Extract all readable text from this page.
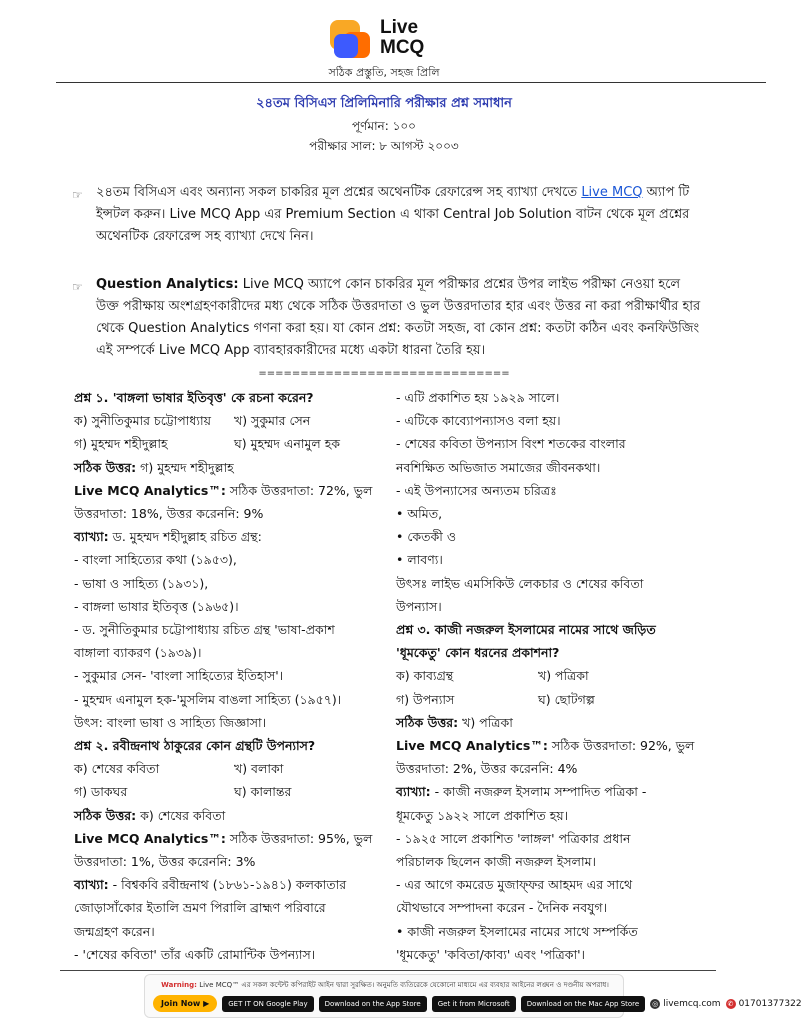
Live
MCQ
সঠিক প্রস্তুতি, সহজ প্রিলি
২৪তম বিসিএস প্রিলিমিনারি পরীক্ষার প্রশ্ন সমাধান
পূর্ণমান: ১০০
পরীক্ষার সাল: ৮ আগস্ট ২০০৩
☞	২৪তম বিসিএস এবং অন্যান্য সকল চাকরির মূল প্রশ্নের অথেনটিক রেফারেন্স সহ ব্যাখ্যা দেখতে Live MCQ অ্যাপ টি ইন্সটল করুন। Live MCQ App এর Premium Section এ থাকা Central Job Solution বাটন থেকে মূল প্রশ্নের অথেনটিক রেফারেন্স সহ ব্যাখ্যা দেখে নিন।
☞	Question Analytics: Live MCQ অ্যাপে কোন চাকরির মূল পরীক্ষার প্রশ্নের উপর লাইভ পরীক্ষা নেওয়া হলে উক্ত পরীক্ষায় অংশগ্রহণকারীদের মধ্য থেকে সঠিক উত্তরদাতা ও ভুল উত্তরদাতার হার এবং উত্তর না করা পরীক্ষার্থীর হার থেকে Question Analytics গণনা করা হয়। যা কোন প্রশ্ন: কতটা সহজ, বা কোন প্রশ্ন: কতটা কঠিন এবং কনফিউজিং এই সম্পর্কে Live MCQ App ব্যাবহারকারীদের মধ্যে একটা ধারনা তৈরি হয়।
==============================
প্রশ্ন ১. 'বাঙ্গলা ভাষার ইতিবৃত্ত' কে রচনা করেন?
ক) সুনীতিকুমার চট্টোপাধ্যায়	খ) সুকুমার সেন
গ) মুহম্মদ শহীদুল্লাহ	ঘ) মুহম্মদ এনামুল হক
সঠিক উত্তর: গ) মুহম্মদ শহীদুল্লাহ
Live MCQ Analytics™: সঠিক উত্তরদাতা: 72%, ভুল
উত্তরদাতা: 18%, উত্তর করেননি: 9%
ব্যাখ্যা: ড. মুহম্মদ শহীদুল্লাহ রচিত গ্রন্থ:
- বাংলা সাহিত্যের কথা (১৯৫৩),
- ভাষা ও সাহিত্য (১৯৩১),
- বাঙ্গলা ভাষার ইতিবৃত্ত (১৯৬৫)।
- ড. সুনীতিকুমার চট্টোপাধ্যায় রচিত গ্রন্থ 'ভাষা-প্রকাশ
বাঙ্গালা ব্যাকরণ (১৯৩৯)।
- সুকুমার সেন- 'বাংলা সাহিত্যের ইতিহাস'।
- মুহম্মদ এনামুল হক-'মুসলিম বাঙলা সাহিত্য (১৯৫৭)।
উৎস: বাংলা ভাষা ও সাহিত্য জিজ্ঞাসা।
প্রশ্ন ২. রবীন্দ্রনাথ ঠাকুরের কোন গ্রন্থটি উপন্যাস?
ক) শেষের কবিতা	খ) বলাকা
গ) ডাকঘর	ঘ) কালান্তর
সঠিক উত্তর: ক) শেষের কবিতা
Live MCQ Analytics™: সঠিক উত্তরদাতা: 95%, ভুল
উত্তরদাতা: 1%, উত্তর করেননি: 3%
ব্যাখ্যা: - বিশ্বকবি রবীন্দ্রনাথ (১৮৬১-১৯৪১) কলকাতার
জোড়াসাঁকোর ইতালি ভ্রমণ পিরালি ব্রাহ্মণ পরিবারে
জন্মগ্রহণ করেন।
- 'শেষের কবিতা' তাঁর একটি রোমান্টিক উপন্যাস।
- এটি প্রকাশিত হয় ১৯২৯ সালে।
- এটিকে কাব্যোপন্যাসও বলা হয়।
- শেষের কবিতা উপন্যাস বিংশ শতকের বাংলার
নবশিক্ষিত অভিজাত সমাজের জীবনকথা।
- এই উপন্যাসের অন্যতম চরিত্রঃ
• অমিত,
• কেতকী ও
• লাবণ্য।
উৎসঃ লাইভ এমসিকিউ লেকচার ও শেষের কবিতা
উপন্যাস।
প্রশ্ন ৩. কাজী নজরুল ইসলামের নামের সাথে জড়িত
'ধূমকেতু' কোন ধরনের প্রকাশনা?
ক) কাব্যগ্রন্থ	খ) পত্রিকা
গ) উপন্যাস	ঘ) ছোটগল্প
সঠিক উত্তর: খ) পত্রিকা
Live MCQ Analytics™: সঠিক উত্তরদাতা: 92%, ভুল
উত্তরদাতা: 2%, উত্তর করেননি: 4%
ব্যাখ্যা: - কাজী নজরুল ইসলাম সম্পাদিত পত্রিকা -
ধূমকেতু ১৯২২ সালে প্রকাশিত হয়।
- ১৯২৫ সালে প্রকাশিত 'লাঙ্গল' পত্রিকার প্রধান
পরিচালক ছিলেন কাজী নজরুল ইসলাম।
- এর আগে কমরেড মুজাফ্ফর আহমদ এর সাথে
যৌথভাবে সম্পাদনা করেন - দৈনিক নবযুগ।
• কাজী নজরুল ইসলামের নামের সাথে সম্পর্কিত
'ধূমকেতু' 'কবিতা/কাব্য' এবং 'পত্রিকা'।
Warning: Live MCQ™ এর সকল কন্টেন্ট কপিরাইট আইন দ্বারা সুরক্ষিত। অনুমতি ব্যতিরেকে যেকোনো মাধ্যমে এর ব্যবহার আইনের লঙ্ঘন ও দণ্ডনীয় অপরাধ।
Join Now ▶	GET IT ON Google Play	Download on the App Store	Get it from Microsoft	Download on the Mac App Store	◎ livemcq.com ✆ 01701377322
